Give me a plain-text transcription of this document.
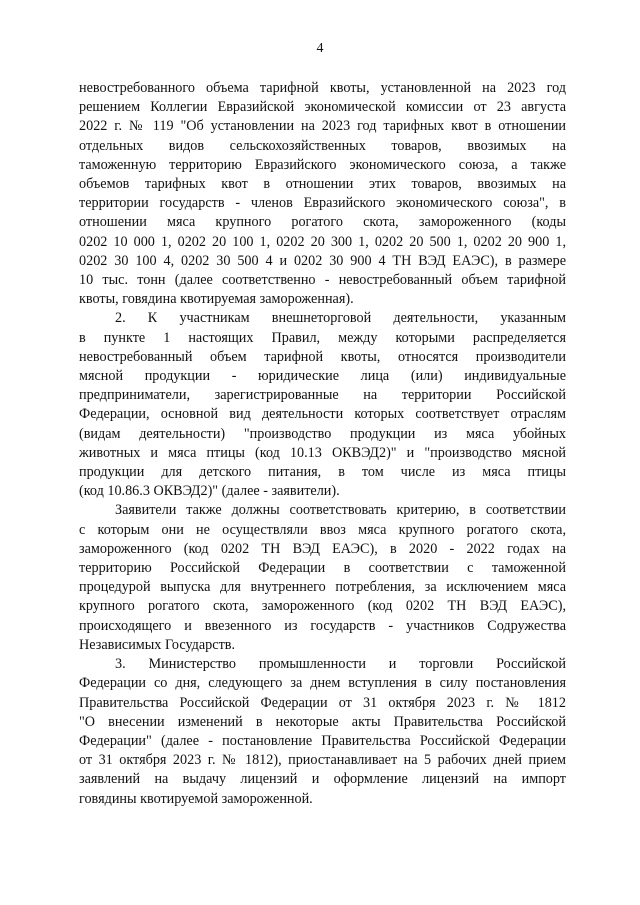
4

невостребованного объема тарифной квоты, установленной на 2023 год
решением Коллегии Евразийской экономической комиссии от 23 августа
2022 г. № 119 "Об установлении на 2023 год тарифных квот в отношении
отдельных видов сельскохозяйственных товаров, ввозимых на
таможенную территорию Евразийского экономического союза, а также
объемов тарифных квот в отношении этих товаров, ввозимых на
территории государств - членов Евразийского экономического союза", в
отношении мяса крупного рогатого скота, замороженного (коды
0202 10 000 1, 0202 20 100 1, 0202 20 300 1, 0202 20 500 1, 0202 20 900 1,
0202 30 100 4, 0202 30 500 4 и 0202 30 900 4 ТН ВЭД ЕАЭС), в размере
10 тыс. тонн (далее соответственно - невостребованный объем тарифной
квоты, говядина квотируемая замороженная).

2. К участникам внешнеторговой деятельности, указанным
в пункте 1 настоящих Правил, между которыми распределяется
невостребованный объем тарифной квоты, относятся производители
мясной продукции - юридические лица (или) индивидуальные
предприниматели, зарегистрированные на территории Российской
Федерации, основной вид деятельности которых соответствует отраслям
(видам деятельности) "производство продукции из мяса убойных
животных и мяса птицы (код 10.13 ОКВЭД2)" и "производство мясной
продукции для детского питания, в том числе из мяса птицы
(код 10.86.3 ОКВЭД2)" (далее - заявители).

Заявители также должны соответствовать критерию, в соответствии
с которым они не осуществляли ввоз мяса крупного рогатого скота,
замороженного (код 0202 ТН ВЭД ЕАЭС), в 2020 - 2022 годах на
территорию Российской Федерации в соответствии с таможенной
процедурой выпуска для внутреннего потребления, за исключением мяса
крупного рогатого скота, замороженного (код 0202 ТН ВЭД ЕАЭС),
происходящего и ввезенного из государств - участников Содружества
Независимых Государств.

3. Министерство промышленности и торговли Российской
Федерации со дня, следующего за днем вступления в силу постановления
Правительства Российской Федерации от 31 октября 2023 г. № 1812
"О внесении изменений в некоторые акты Правительства Российской
Федерации" (далее - постановление Правительства Российской Федерации
от 31 октября 2023 г. № 1812), приостанавливает на 5 рабочих дней прием
заявлений на выдачу лицензий и оформление лицензий на импорт
говядины квотируемой замороженной.
